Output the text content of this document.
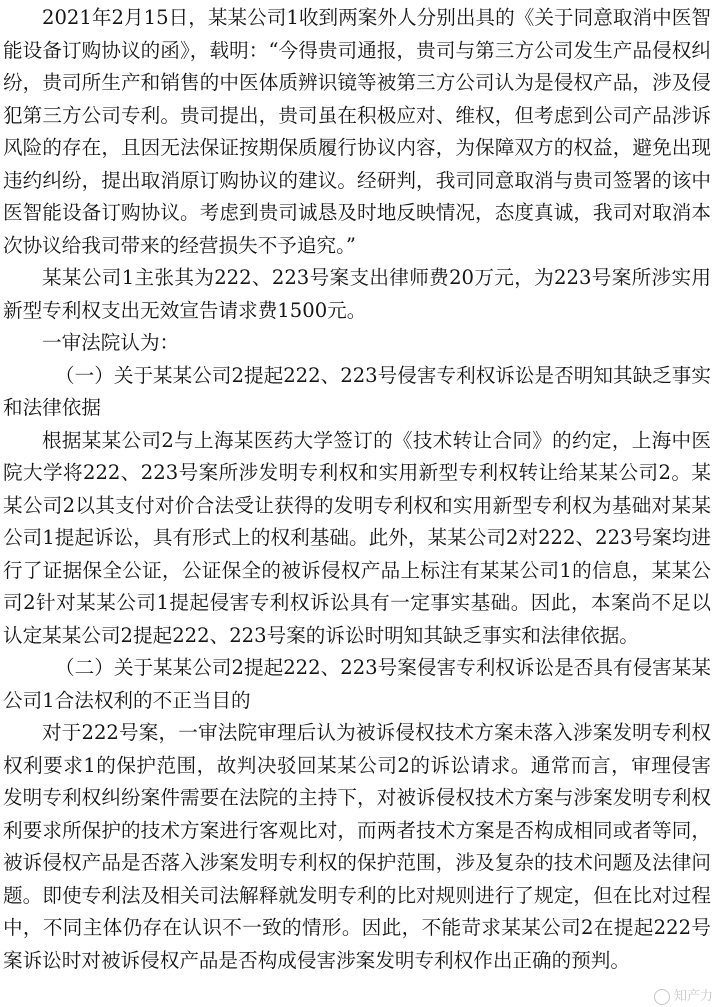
2021年2月15日，某某公司1收到两案外人分别出具的《关于同意取消中医智能设备订购协议的函》，载明：“今得贵司通报，贵司与第三方公司发生产品侵权纠纷，贵司所生产和销售的中医体质辨识镜等被第三方公司认为是侵权产品，涉及侵犯第三方公司专利。贵司提出，贵司虽在积极应对、维权，但考虑到公司产品涉诉风险的存在，且因无法保证按期保质履行协议内容，为保障双方的权益，避免出现违约纠纷，提出取消原订购协议的建议。经研判，我司同意取消与贵司签署的该中医智能设备订购协议。考虑到贵司诚恳及时地反映情况，态度真诚，我司对取消本次协议给我司带来的经营损失不予追究。”

某某公司1主张其为222、223号案支出律师费20万元，为223号案所涉实用新型专利权支出无效宣告请求费1500元。

一审法院认为：

（一）关于某某公司2提起222、223号侵害专利权诉讼是否明知其缺乏事实和法律依据

根据某某公司2与上海某医药大学签订的《技术转让合同》的约定，上海中医院大学将222、223号案所涉发明专利权和实用新型专利权转让给某某公司2。某某公司2以其支付对价合法受让获得的发明专利权和实用新型专利权为基础对某某公司1提起诉讼，具有形式上的权利基础。此外，某某公司2对222、223号案均进行了证据保全公证，公证保全的被诉侵权产品上标注有某某公司1的信息，某某公司2针对某某公司1提起侵害专利权诉讼具有一定事实基础。因此，本案尚不足以认定某某公司2提起222、223号案的诉讼时明知其缺乏事实和法律依据。

（二）关于某某公司2提起222、223号案侵害专利权诉讼是否具有侵害某某公司1合法权利的不正当目的

对于222号案，一审法院审理后认为被诉侵权技术方案未落入涉案发明专利权权利要求1的保护范围，故判决驳回某某公司2的诉讼请求。通常而言，审理侵害发明专利权纠纷案件需要在法院的主持下，对被诉侵权技术方案与涉案发明专利权利要求所保护的技术方案进行客观比对，而两者技术方案是否构成相同或者等同，被诉侵权产品是否落入涉案发明专利权的保护范围，涉及复杂的技术问题及法律问题。即使专利法及相关司法解释就发明专利的比对规则进行了规定，但在比对过程中，不同主体仍存在认识不一致的情形。因此，不能苛求某某公司2在提起222号案诉讼时对被诉侵权产品是否构成侵害涉案发明专利权作出正确的预判。

知产力
